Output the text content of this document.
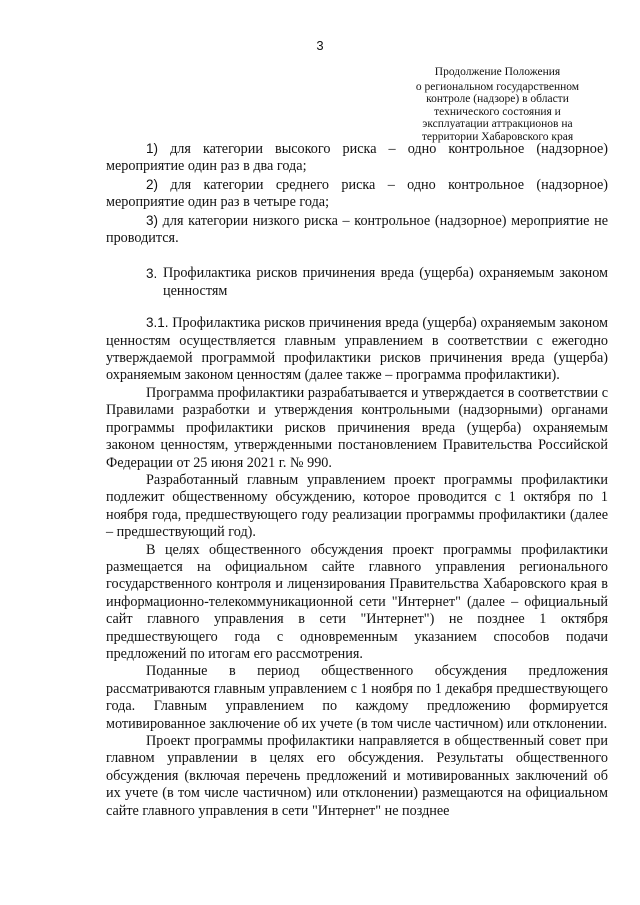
3
Продолжение Положения
о региональном государственном
контроле (надзоре) в области
технического состояния и
эксплуатации аттракционов на
территории Хабаровского края

1) для категории высокого риска – одно контрольное (надзорное) мероприятие один раз в два года;

2) для категории среднего риска – одно контрольное (надзорное) мероприятие один раз в четыре года;

3) для категории низкого риска – контрольное (надзорное) мероприятие не проводится.

3. Профилактика рисков причинения вреда (ущерба) охраняемым законом ценностям

3.1. Профилактика рисков причинения вреда (ущерба) охраняемым законом ценностям осуществляется главным управлением в соответствии с ежегодно утверждаемой программой профилактики рисков причинения вреда (ущерба) охраняемым законом ценностям (далее также – программа профилактики).

Программа профилактики разрабатывается и утверждается в соответствии с Правилами разработки и утверждения контрольными (надзорными) органами программы профилактики рисков причинения вреда (ущерба) охраняемым законом ценностям, утвержденными постановлением Правительства Российской Федерации от 25 июня 2021 г. № 990.

Разработанный главным управлением проект программы профилактики подлежит общественному обсуждению, которое проводится с 1 октября по 1 ноября года, предшествующего году реализации программы профилактики (далее – предшествующий год).

В целях общественного обсуждения проект программы профилактики размещается на официальном сайте главного управления регионального государственного контроля и лицензирования Правительства Хабаровского края в информационно-телекоммуникационной сети "Интернет" (далее – официальный сайт главного управления в сети "Интернет") не позднее 1 октября предшествующего года с одновременным указанием способов подачи предложений по итогам его рассмотрения.

Поданные в период общественного обсуждения предложения рассматриваются главным управлением с 1 ноября по 1 декабря предшествующего года. Главным управлением по каждому предложению формируется мотивированное заключение об их учете (в том числе частичном) или отклонении.

Проект программы профилактики направляется в общественный совет при главном управлении в целях его обсуждения. Результаты общественного обсуждения (включая перечень предложений и мотивированных заключений об их учете (в том числе частичном) или отклонении) размещаются на официальном сайте главного управления в сети "Интернет" не позднее
